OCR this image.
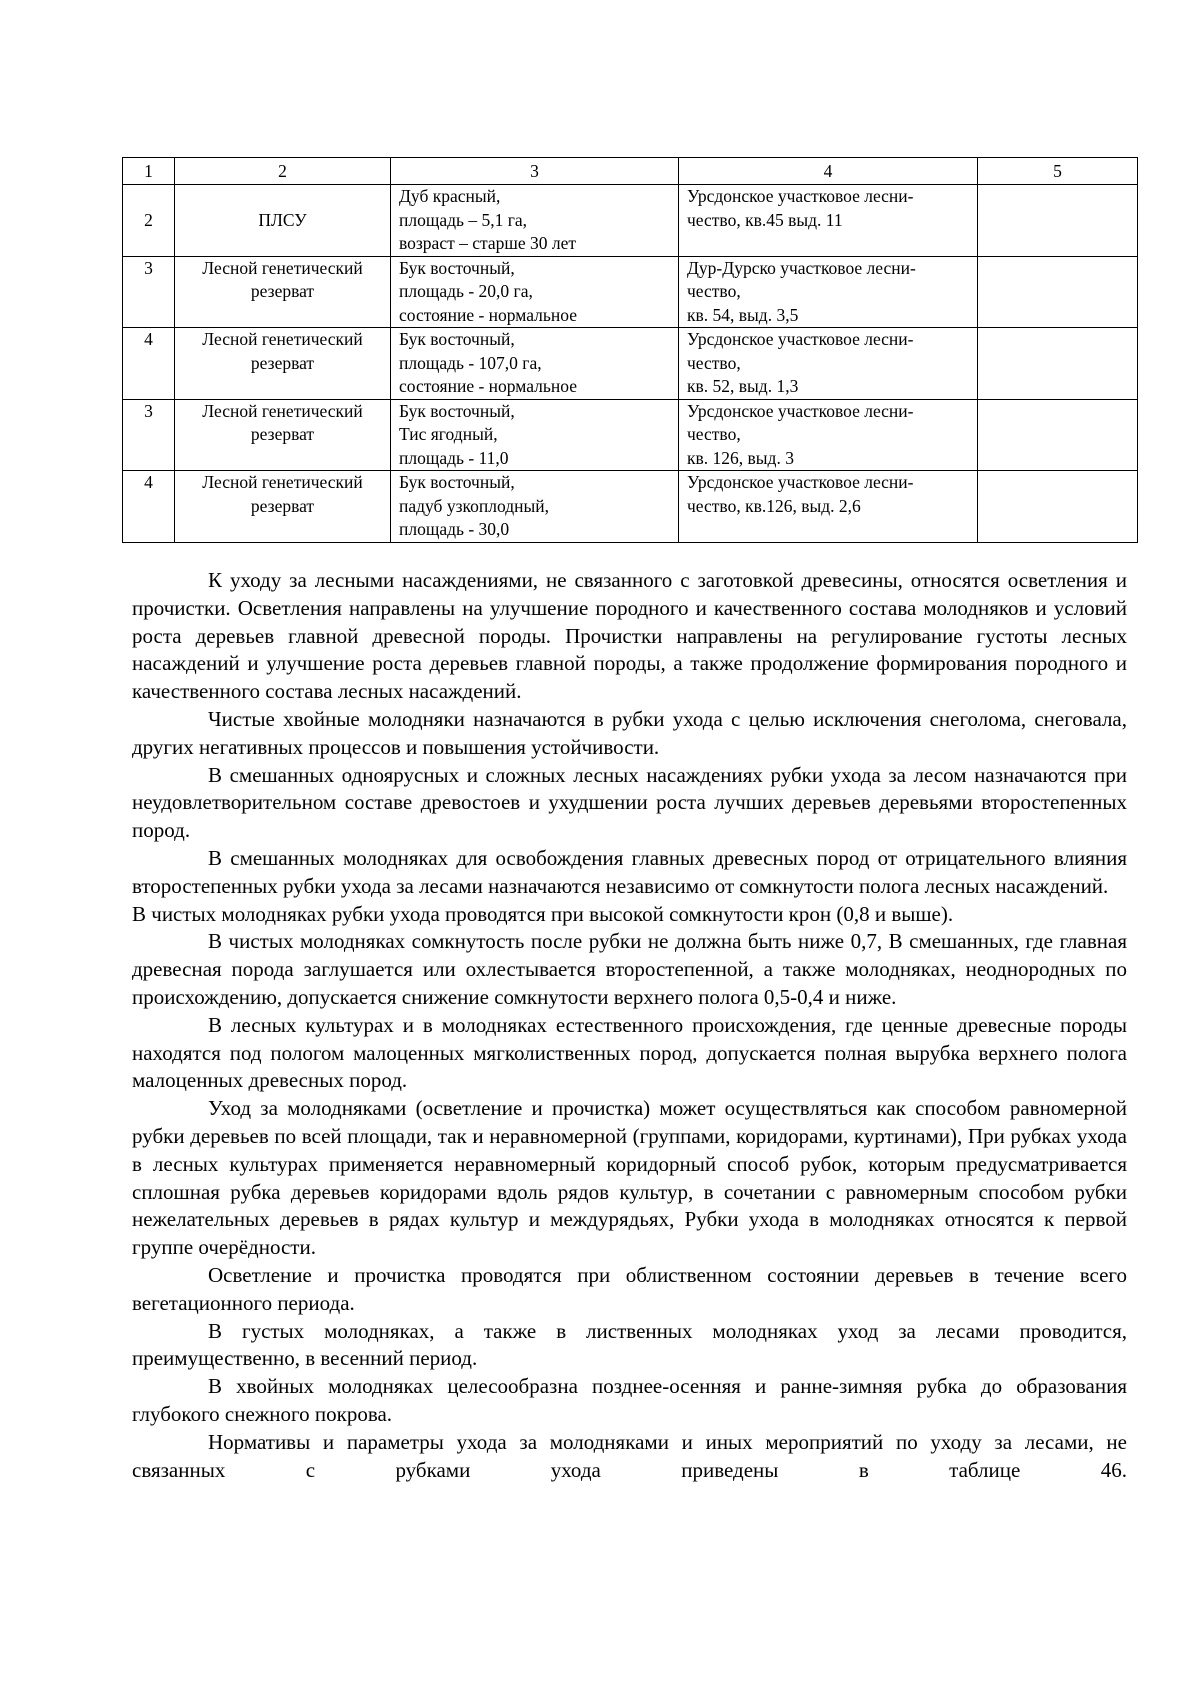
1	2	3	4	5
2	ПЛСУ	Дуб красный,
площадь – 5,1 га,
возраст – старше 30 лет	Урсдонское участковое лесни-
чество, кв.45 выд. 11	

3	Лесной генетический
резерват	Бук восточный,
площадь - 20,0 га,
состояние - нормальное	Дур-Дурско участковое лесни-
чество,
кв. 54, выд. 3,5	

4	Лесной генетический
резерват	Бук восточный,
площадь - 107,0 га,
состояние - нормальное	Урсдонское участковое лесни-
чество,
кв. 52, выд. 1,3	

3	Лесной генетический
резерват	Бук восточный,
Тис ягодный,
площадь - 11,0	Урсдонское участковое лесни-
чество,
кв. 126, выд. 3	

4	Лесной генетический
резерват	Бук восточный,
падуб узкоплодный,
площадь - 30,0	Урсдонское участковое лесни-
чество, кв.126, выд. 2,6	

К уходу за лесными насаждениями, не связанного с заготовкой древесины, относятся осветления и прочистки. Осветления направлены на улучшение породного и качественного состава молодняков и условий роста деревьев главной древесной породы. Прочистки направлены на регулирование густоты лесных насаждений и улучшение роста деревьев главной породы, а также продолжение формирования породного и качественного состава лесных насаждений.

Чистые хвойные молодняки назначаются в рубки ухода с целью исключения снеголома, снеговала, других негативных процессов и повышения устойчивости.

В смешанных одноярусных и сложных лесных насаждениях рубки ухода за лесом назначаются при неудовлетворительном составе древостоев и ухудшении роста лучших деревьев деревьями второстепенных пород.

В смешанных молодняках для освобождения главных древесных пород от отрицательного влияния второстепенных рубки ухода за лесами назначаются независимо от сомкнутости полога лесных насаждений.

В чистых молодняках рубки ухода проводятся при высокой сомкнутости крон (0,8 и выше).

В чистых молодняках сомкнутость после рубки не должна быть ниже 0,7, В смешанных, где главная древесная порода заглушается или охлестывается второстепенной, а также молодняках, неоднородных по происхождению, допускается снижение сомкнутости верхнего полога 0,5-0,4 и ниже.

В лесных культурах и в молодняках естественного происхождения, где ценные древесные породы находятся под пологом малоценных мягколиственных пород, допускается полная вырубка верхнего полога малоценных древесных пород.

Уход за молодняками (осветление и прочистка) может осуществляться как способом равномерной рубки деревьев по всей площади, так и неравномерной (группами, коридорами, куртинами), При рубках ухода в лесных культурах применяется неравномерный коридорный способ рубок, которым предусматривается сплошная рубка деревьев коридорами вдоль рядов культур, в сочетании с равномерным способом рубки нежелательных деревьев в рядах культур и междурядьях, Рубки ухода в молодняках относятся к первой группе очерёдности.

Осветление и прочистка проводятся при облиственном состоянии деревьев в течение всего вегетационного периода.

В густых молодняках, а также в лиственных молодняках уход за лесами проводится, преимущественно, в весенний период.

В хвойных молодняках целесообразна позднее-осенняя и ранне-зимняя рубка до образования глубокого снежного покрова.

Нормативы и параметры ухода за молодняками и иных мероприятий по уходу за лесами, не связанных с рубками ухода приведены в таблице 46.
